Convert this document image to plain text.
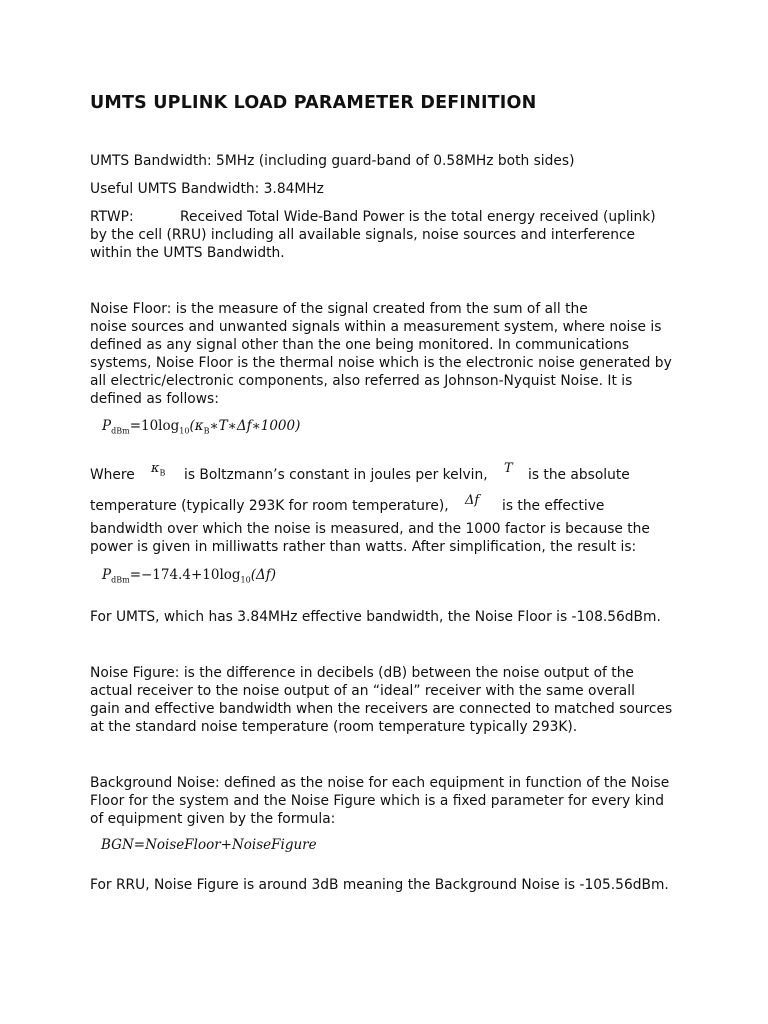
UMTS UPLINK LOAD PARAMETER DEFINITION
UMTS Bandwidth: 5MHz (including guard-band of 0.58MHz both sides)
Useful UMTS Bandwidth: 3.84MHz
RTWP:	Received Total Wide-Band Power is the total energy received (uplink)
by the cell (RRU) including all available signals, noise sources and interference
within the UMTS Bandwidth.
Noise Floor: is the measure of the signal created from the sum of all the
noise sources and unwanted signals within a measurement system, where noise is
defined as any signal other than the one being monitored. In communications
systems, Noise Floor is the thermal noise which is the electronic noise generated by
all electric/electronic components, also referred as Johnson-Nyquist Noise. It is
defined as follows:
$P_{dBm}=10\log_{10}(\kappa_B∗T∗\Delta f∗1000)$
Where $\kappa_B$ is Boltzmann’s constant in joules per kelvin, T is the absolute
temperature (typically 293K for room temperature), Δf is the effective
bandwidth over which the noise is measured, and the 1000 factor is because the
power is given in milliwatts rather than watts. After simplification, the result is:
$P_{dBm}=-174.4+10\log_{10}(\Delta f)$
For UMTS, which has 3.84MHz effective bandwidth, the Noise Floor is -108.56dBm.
Noise Figure: is the difference in decibels (dB) between the noise output of the
actual receiver to the noise output of an “ideal” receiver with the same overall
gain and effective bandwidth when the receivers are connected to matched sources
at the standard noise temperature (room temperature typically 293K).
Background Noise: defined as the noise for each equipment in function of the Noise
Floor for the system and the Noise Figure which is a fixed parameter for every kind
of equipment given by the formula:
BGN=NoiseFloor+NoiseFigure
For RRU, Noise Figure is around 3dB meaning the Background Noise is -105.56dBm.
